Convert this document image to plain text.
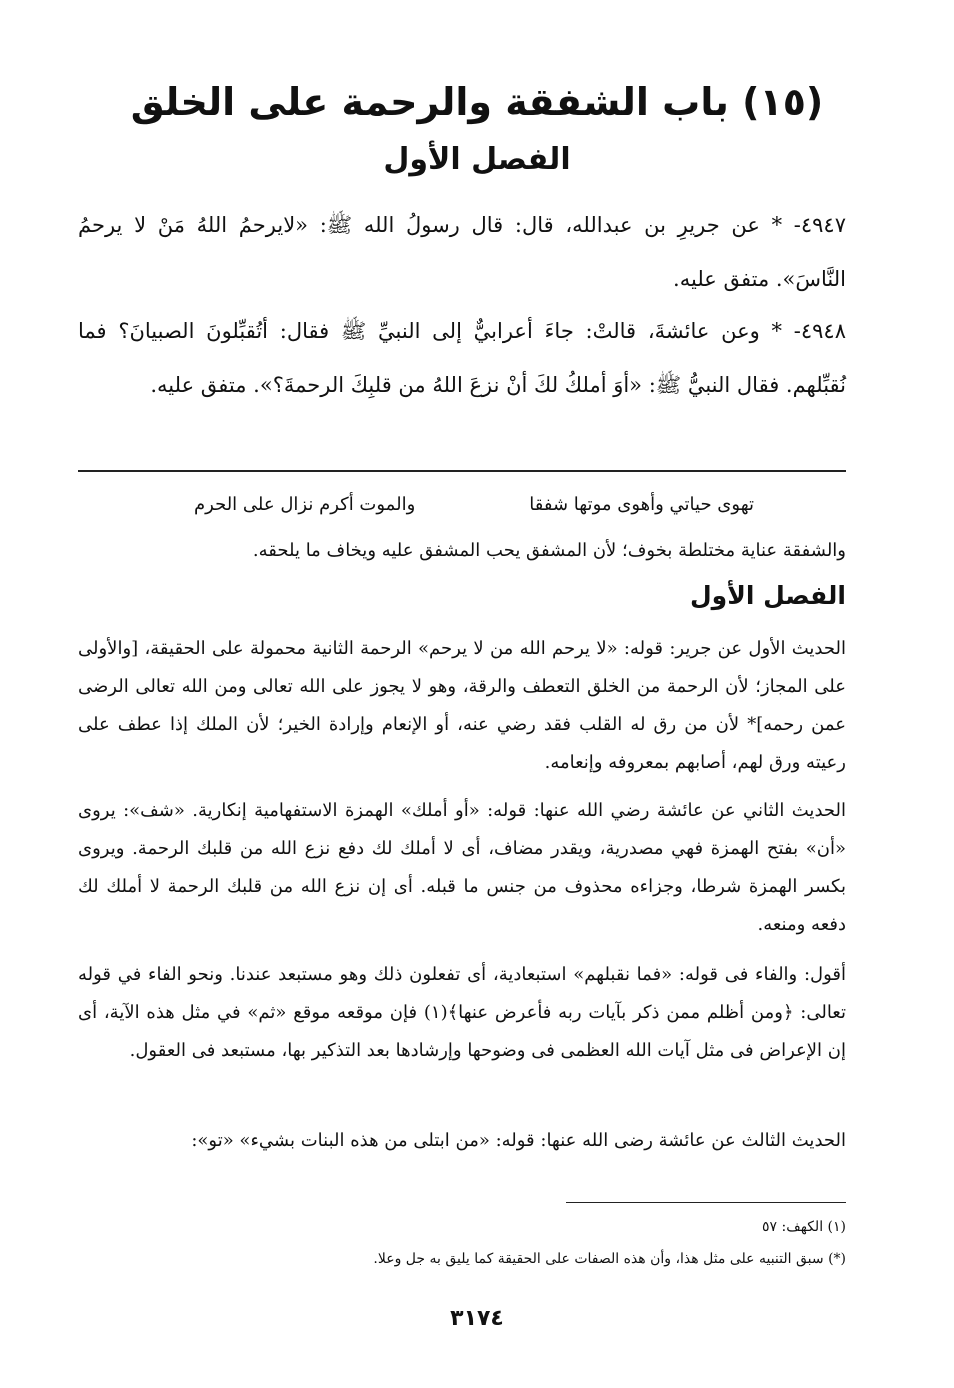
(١٥) باب الشفقة والرحمة على الخلق
الفصل الأول

٤٩٤٧- * عن جريرِ بن عبدالله، قال: قال رسولُ الله ﷺ: «لايرحمُ اللهُ مَنْ لا يرحمُ النَّاسَ». متفق عليه.

٤٩٤٨- * وعن عائشةَ، قالتْ: جاءَ أعرابيٌّ إلى النبيِّ ﷺ فقال: أتُقبِّلونَ الصبيانَ؟ فما نُقبِّلهم. فقال النبيُّ ﷺ: «أوَ أملكُ لكَ أنْ نزعَ اللهُ من قلبِكَ الرحمةَ؟». متفق عليه.

تهوى حياتي وأهوى موتها شفقا
والموت أكرم نزال على الحرم

والشفقة عناية مختلطة بخوف؛ لأن المشفق يحب المشفق عليه ويخاف ما يلحقه.

الفصل الأول

الحديث الأول عن جرير: قوله: «لا يرحم الله من لا يرحم» الرحمة الثانية محمولة على الحقيقة، [والأولى على المجاز؛ لأن الرحمة من الخلق التعطف والرقة، وهو لا يجوز على الله تعالى ومن الله تعالى الرضى عمن رحمه]* لأن من رق له القلب فقد رضي عنه، أو الإنعام وإرادة الخير؛ لأن الملك إذا عطف على رعيته ورق لهم، أصابهم بمعروفه وإنعامه.

الحديث الثاني عن عائشة رضي الله عنها: قوله: «أو أملك» الهمزة الاستفهامية إنكارية. «شف»: يروى «أن» بفتح الهمزة فهي مصدرية، ويقدر مضاف، أى لا أملك لك دفع نزع الله من قلبك الرحمة. ويروى بكسر الهمزة شرطا، وجزاءه محذوف من جنس ما قبله. أى إن نزع الله من قلبك الرحمة لا أملك لك دفعه ومنعه.

أقول: والفاء فى قوله: «فما نقبلهم» استبعادية، أى تفعلون ذلك وهو مستبعد عندنا. ونحو الفاء في قوله تعالى: ﴿ومن أظلم ممن ذكر بآيات ربه فأعرض عنها﴾(١) فإن موقعه موقع «ثم» في مثل هذه الآية، أى إن الإعراض فى مثل آيات الله العظمى فى وضوحها وإرشادها بعد التذكير بها، مستبعد فى العقول.

الحديث الثالث عن عائشة رضى الله عنها: قوله: «من ابتلى من هذه البنات بشيء» «تو»:

(١) الكهف: ٥٧

(*) سبق التنبيه على مثل هذا، وأن هذه الصفات على الحقيقة كما يليق به جل وعلا.

٣١٧٤
